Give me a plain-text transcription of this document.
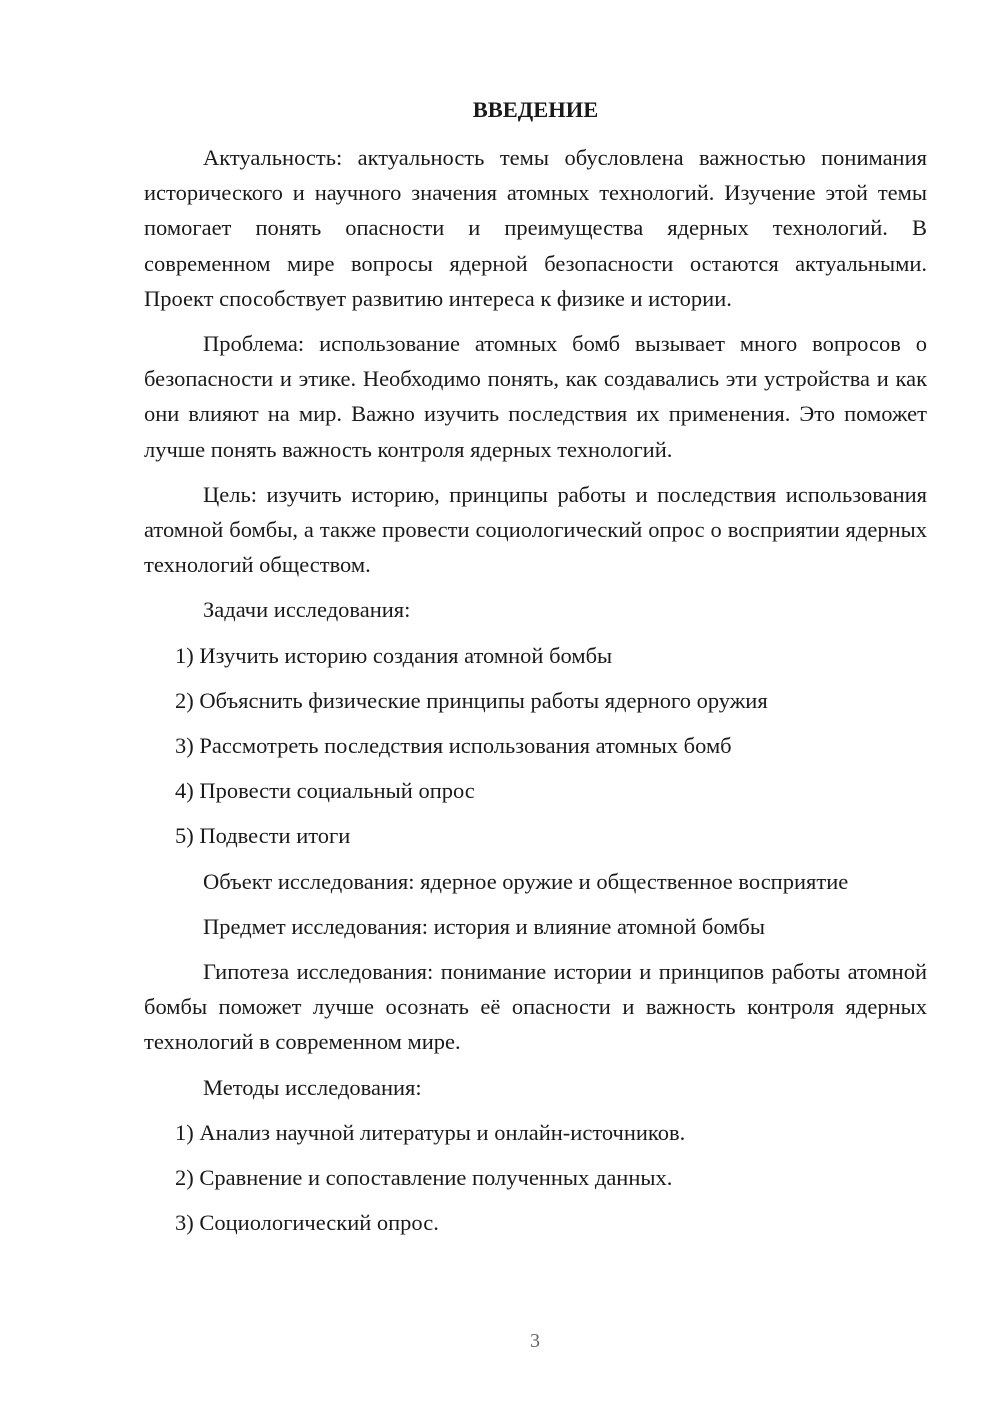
ВВЕДЕНИЕ

Актуальность: актуальность темы обусловлена важностью понимания исторического и научного значения атомных технологий. Изучение этой темы помогает понять опасности и преимущества ядерных технологий. В современном мире вопросы ядерной безопасности остаются актуальными. Проект способствует развитию интереса к физике и истории.

Проблема: использование атомных бомб вызывает много вопросов о безопасности и этике. Необходимо понять, как создавались эти устройства и как они влияют на мир. Важно изучить последствия их применения. Это поможет лучше понять важность контроля ядерных технологий.

Цель: изучить историю, принципы работы и последствия использования атомной бомбы, а также провести социологический опрос о восприятии ядерных технологий обществом.

Задачи исследования:
1) Изучить историю создания атомной бомбы
2) Объяснить физические принципы работы ядерного оружия
3) Рассмотреть последствия использования атомных бомб
4) Провести социальный опрос
5) Подвести итоги
Объект исследования: ядерное оружие и общественное восприятие
Предмет исследования: история и влияние атомной бомбы

Гипотеза исследования: понимание истории и принципов работы атомной бомбы поможет лучше осознать её опасности и важность контроля ядерных технологий в современном мире.

Методы исследования:
1) Анализ научной литературы и онлайн-источников.
2) Сравнение и сопоставление полученных данных.
3) Социологический опрос.
3
